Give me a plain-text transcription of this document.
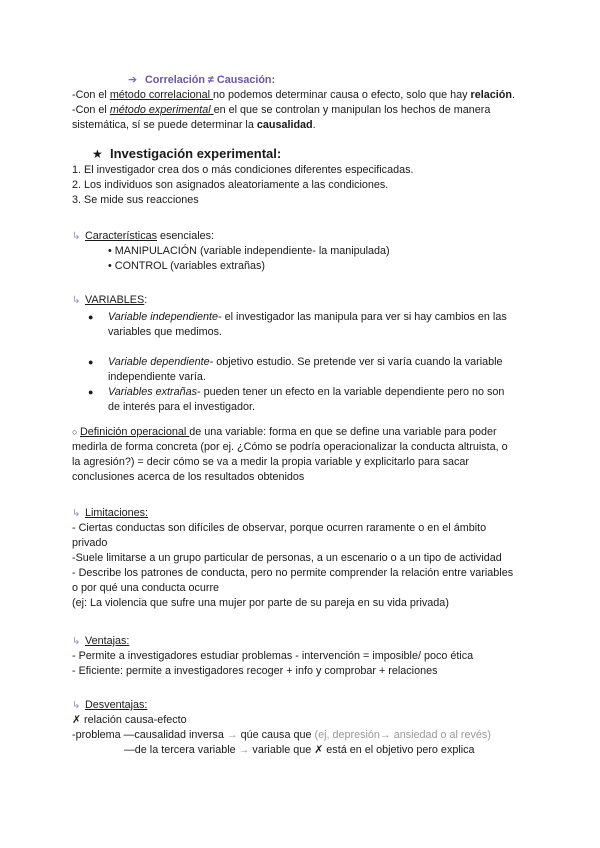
➔ Correlación ≠ Causación:
-Con el método correlacional no podemos determinar causa o efecto, solo que hay relación.
-Con el método experimental en el que se controlan y manipulan los hechos de manera
sistemática, sí se puede determinar la causalidad.
★ Investigación experimental:
1. El investigador crea dos o más condiciones diferentes especificadas.
2. Los individuos son asignados aleatoriamente a las condiciones.
3. Se mide sus reacciones
↳ Características esenciales:
• MANIPULACIÓN (variable independiente- la manipulada)
• CONTROL (variables extrañas)
↳ VARIABLES:
● Variable independiente- el investigador las manipula para ver si hay cambios en las
variables que medimos.
● Variable dependiente- objetivo estudio. Se pretende ver si varía cuando la variable
independiente varía.
● Variables extrañas- pueden tener un efecto en la variable dependiente pero no son
de interés para el investigador.
○ Definición operacional de una variable: forma en que se define una variable para poder
medirla de forma concreta (por ej. ¿Cómo se podría operacionalizar la conducta altruista, o
la agresión?) = decir cómo se va a medir la propia variable y explicitarlo para sacar
conclusiones acerca de los resultados obtenidos
↳ Limitaciones:
- Ciertas conductas son difíciles de observar, porque ocurren raramente o en el ámbito
privado
-Suele limitarse a un grupo particular de personas, a un escenario o a un tipo de actividad
- Describe los patrones de conducta, pero no permite comprender la relación entre variables
o por qué una conducta ocurre
(ej: La violencia que sufre una mujer por parte de su pareja en su vida privada)
↳ Ventajas:
- Permite a investigadores estudiar problemas - intervención = imposible/ poco ética
- Eficiente: permite a investigadores recoger + info y comprobar + relaciones
↳ Desventajas:
✗ relación causa-efecto
-problema —causalidad inversa → qúe causa que (ej, depresión→ ansiedad o al revés)
—de la tercera variable → variable que ✗ está en el objetivo pero explica
